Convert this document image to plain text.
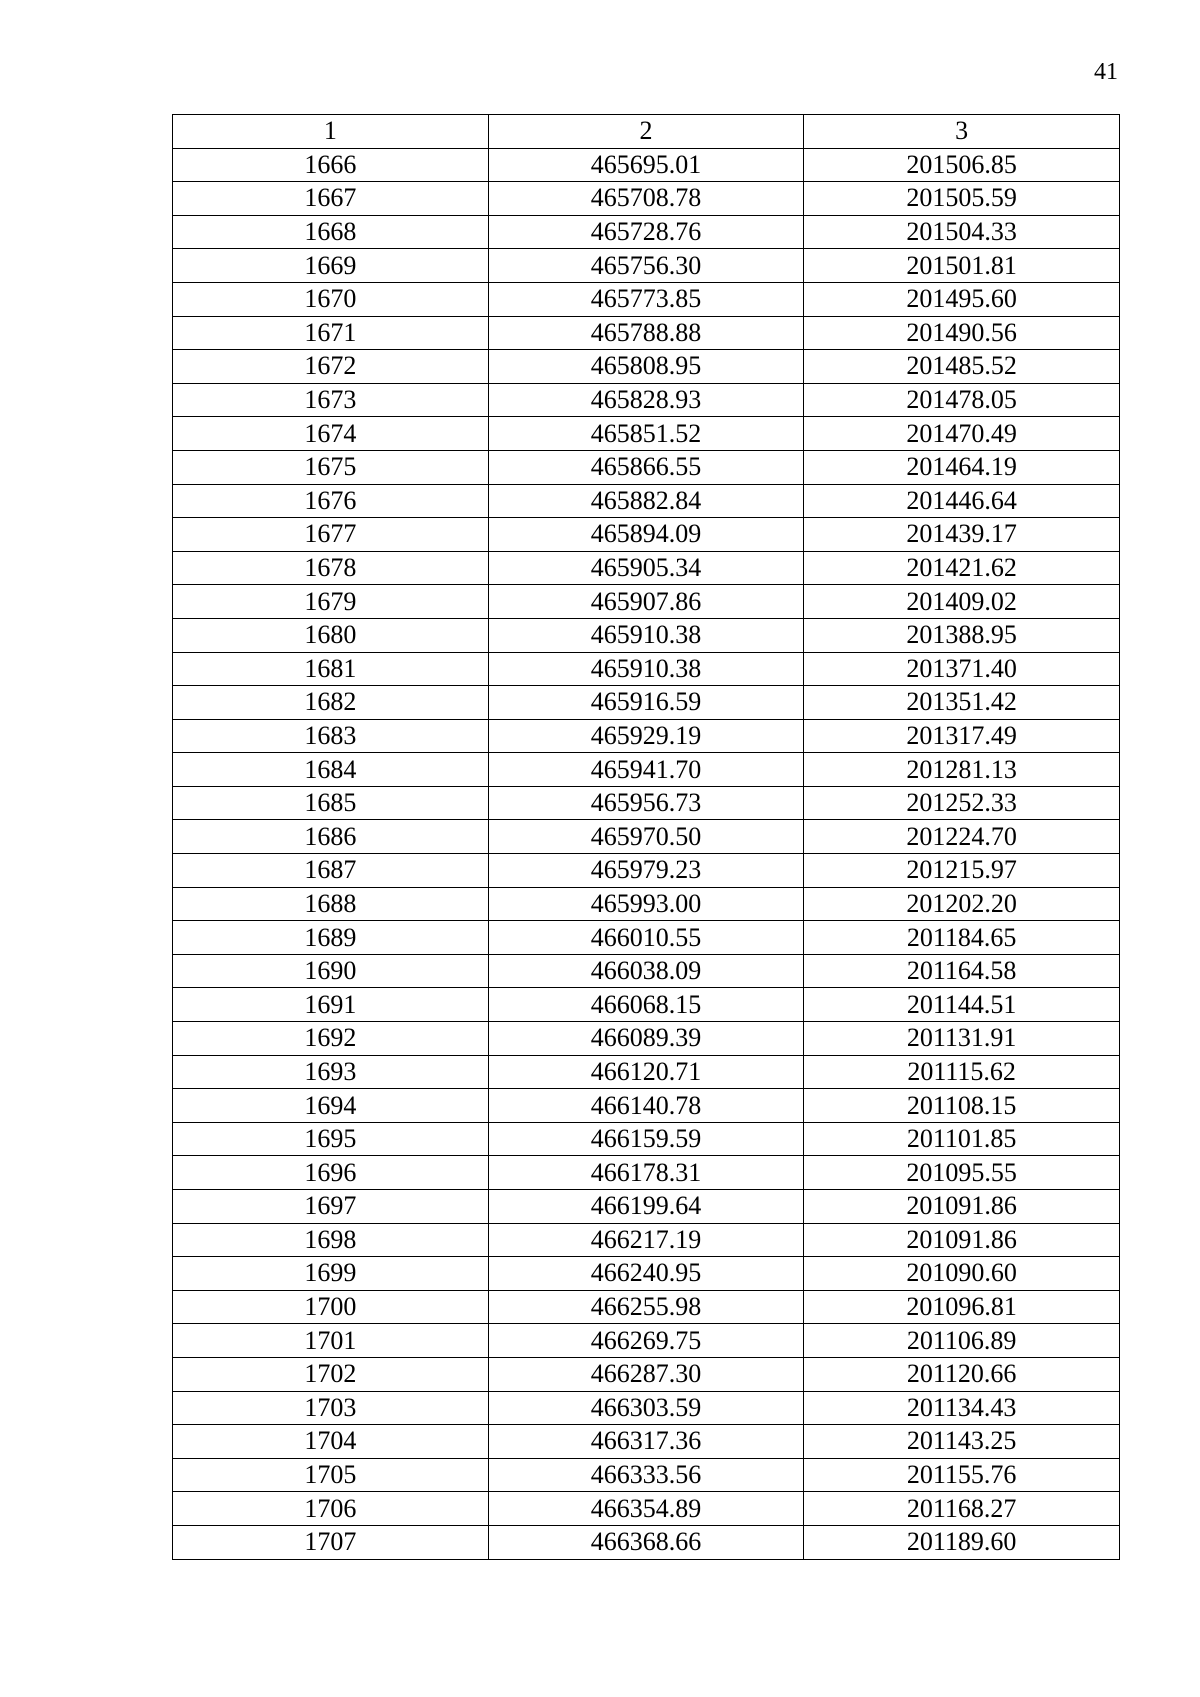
41
1	2	3
1666	465695.01	201506.85
1667	465708.78	201505.59
1668	465728.76	201504.33
1669	465756.30	201501.81
1670	465773.85	201495.60
1671	465788.88	201490.56
1672	465808.95	201485.52
1673	465828.93	201478.05
1674	465851.52	201470.49
1675	465866.55	201464.19
1676	465882.84	201446.64
1677	465894.09	201439.17
1678	465905.34	201421.62
1679	465907.86	201409.02
1680	465910.38	201388.95
1681	465910.38	201371.40
1682	465916.59	201351.42
1683	465929.19	201317.49
1684	465941.70	201281.13
1685	465956.73	201252.33
1686	465970.50	201224.70
1687	465979.23	201215.97
1688	465993.00	201202.20
1689	466010.55	201184.65
1690	466038.09	201164.58
1691	466068.15	201144.51
1692	466089.39	201131.91
1693	466120.71	201115.62
1694	466140.78	201108.15
1695	466159.59	201101.85
1696	466178.31	201095.55
1697	466199.64	201091.86
1698	466217.19	201091.86
1699	466240.95	201090.60
1700	466255.98	201096.81
1701	466269.75	201106.89
1702	466287.30	201120.66
1703	466303.59	201134.43
1704	466317.36	201143.25
1705	466333.56	201155.76
1706	466354.89	201168.27
1707	466368.66	201189.60
